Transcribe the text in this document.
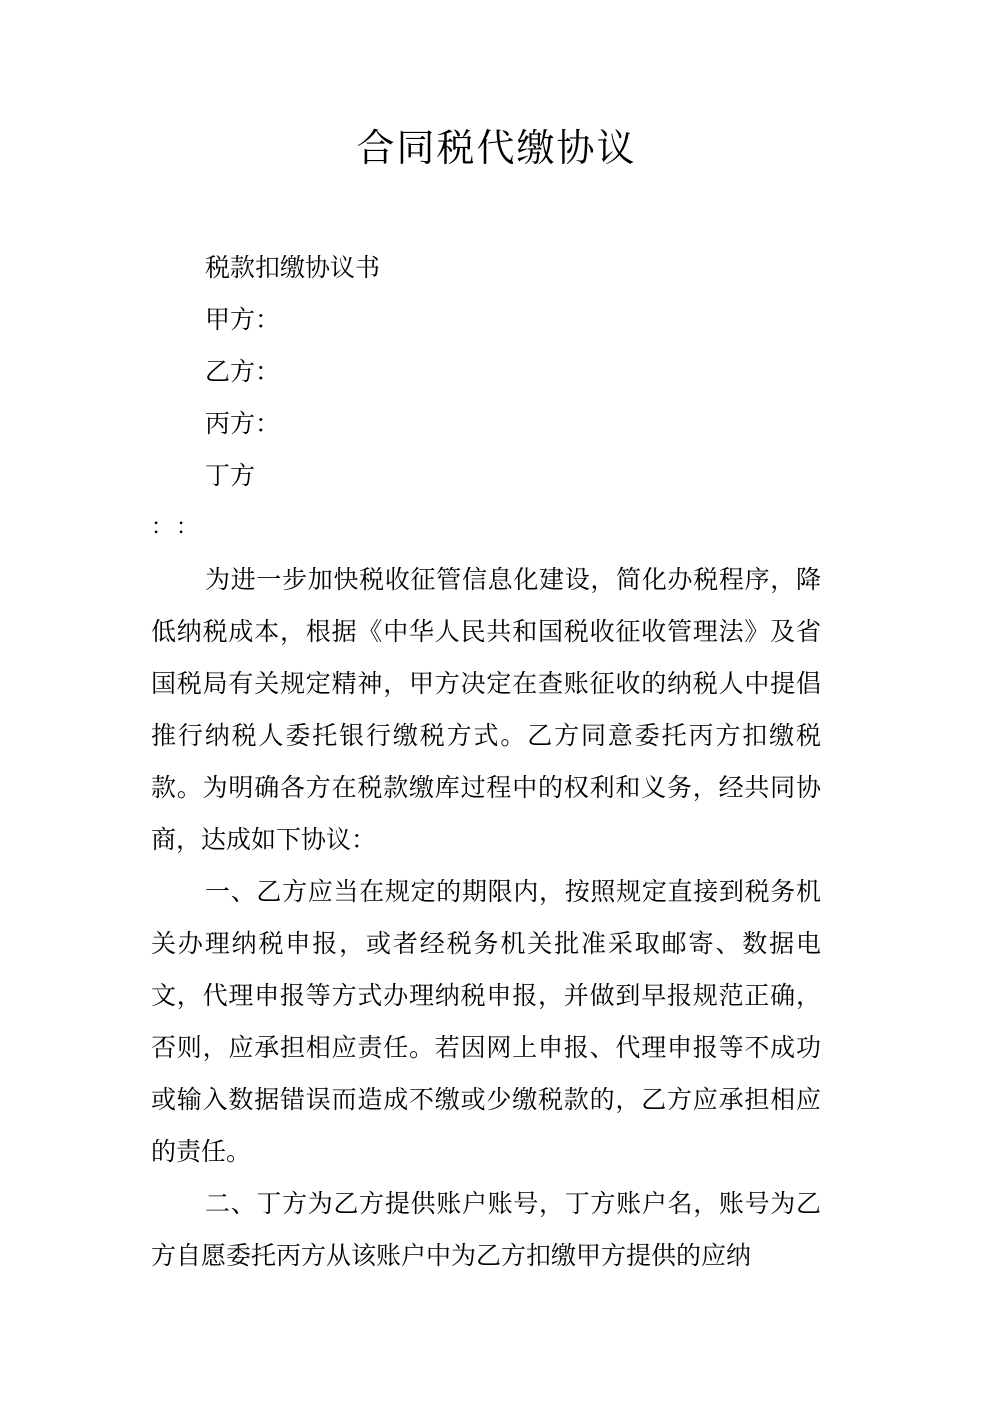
合同税代缴协议

税款扣缴协议书

甲方：

乙方：

丙方：

丁方

：：

为进一步加快税收征管信息化建设，简化办税程序，降低纳税成本，根据《中华人民共和国税收征收管理法》及省国税局有关规定精神，甲方决定在查账征收的纳税人中提倡推行纳税人委托银行缴税方式。乙方同意委托丙方扣缴税款。为明确各方在税款缴库过程中的权利和义务，经共同协商，达成如下协议：

一、乙方应当在规定的期限内，按照规定直接到税务机关办理纳税申报，或者经税务机关批准采取邮寄、数据电文，代理申报等方式办理纳税申报，并做到早报规范正确，否则，应承担相应责任。若因网上申报、代理申报等不成功或输入数据错误而造成不缴或少缴税款的，乙方应承担相应的责任。

二、丁方为乙方提供账户账号，丁方账户名，账号为乙方自愿委托丙方从该账户中为乙方扣缴甲方提供的应纳
